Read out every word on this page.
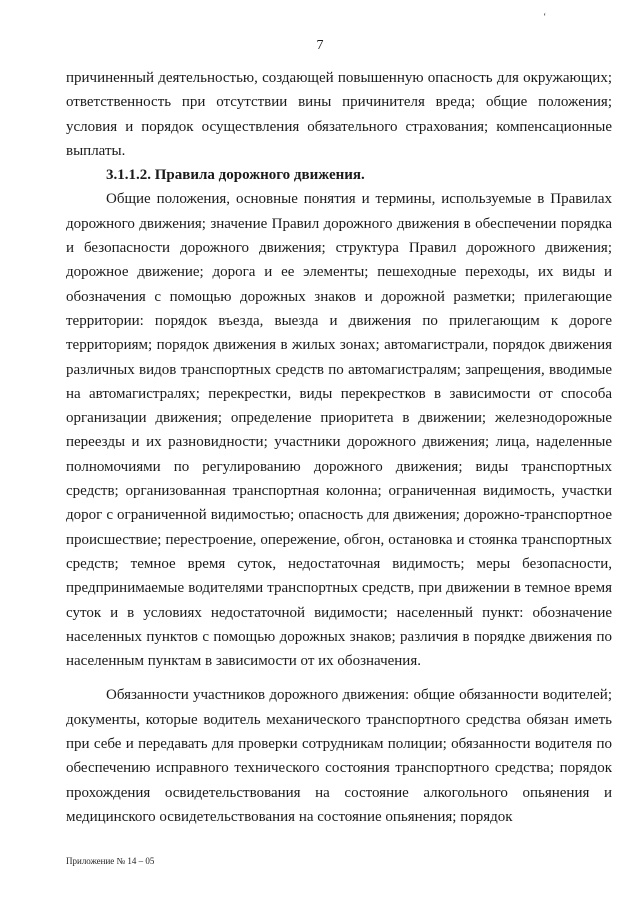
‘
7

причиненный деятельностью, создающей повышенную опасность для окружающих; ответственность при отсутствии вины причинителя вреда; общие положения; условия и порядок осуществления обязательного страхования; компенсационные выплаты.

3.1.1.2. Правила дорожного движения.

Общие положения, основные понятия и термины, используемые в Правилах дорожного движения; значение Правил дорожного движения в обеспечении порядка и безопасности дорожного движения; структура Правил дорожного движения; дорожное движение; дорога и ее элементы; пешеходные переходы, их виды и обозначения с помощью дорожных знаков и дорожной разметки; прилегающие территории: порядок въезда, выезда и движения по прилегающим к дороге территориям; порядок движения в жилых зонах; автомагистрали, порядок движения различных видов транспортных средств по автомагистралям; запрещения, вводимые на автомагистралях; перекрестки, виды перекрестков в зависимости от способа организации движения; определение приоритета в движении; железнодорожные переезды и их разновидности; участники дорожного движения; лица, наделенные полномочиями по регулированию дорожного движения; виды транспортных средств; организованная транспортная колонна; ограниченная видимость, участки дорог с ограниченной видимостью; опасность для движения; дорожно-транспортное происшествие; перестроение, опережение, обгон, остановка и стоянка транспортных средств; темное время суток, недостаточная видимость; меры безопасности, предпринимаемые водителями транспортных средств, при движении в темное время суток и в условиях недостаточной видимости; населенный пункт: обозначение населенных пунктов с помощью дорожных знаков; различия в порядке движения по населенным пунктам в зависимости от их обозначения.

Обязанности участников дорожного движения: общие обязанности водителей; документы, которые водитель механического транспортного средства обязан иметь при себе и передавать для проверки сотрудникам полиции; обязанности водителя по обеспечению исправного технического состояния транспортного средства; порядок прохождения освидетельствования на состояние алкогольного опьянения и медицинского освидетельствования на состояние опьянения; порядок

Приложение № 14 – 05
